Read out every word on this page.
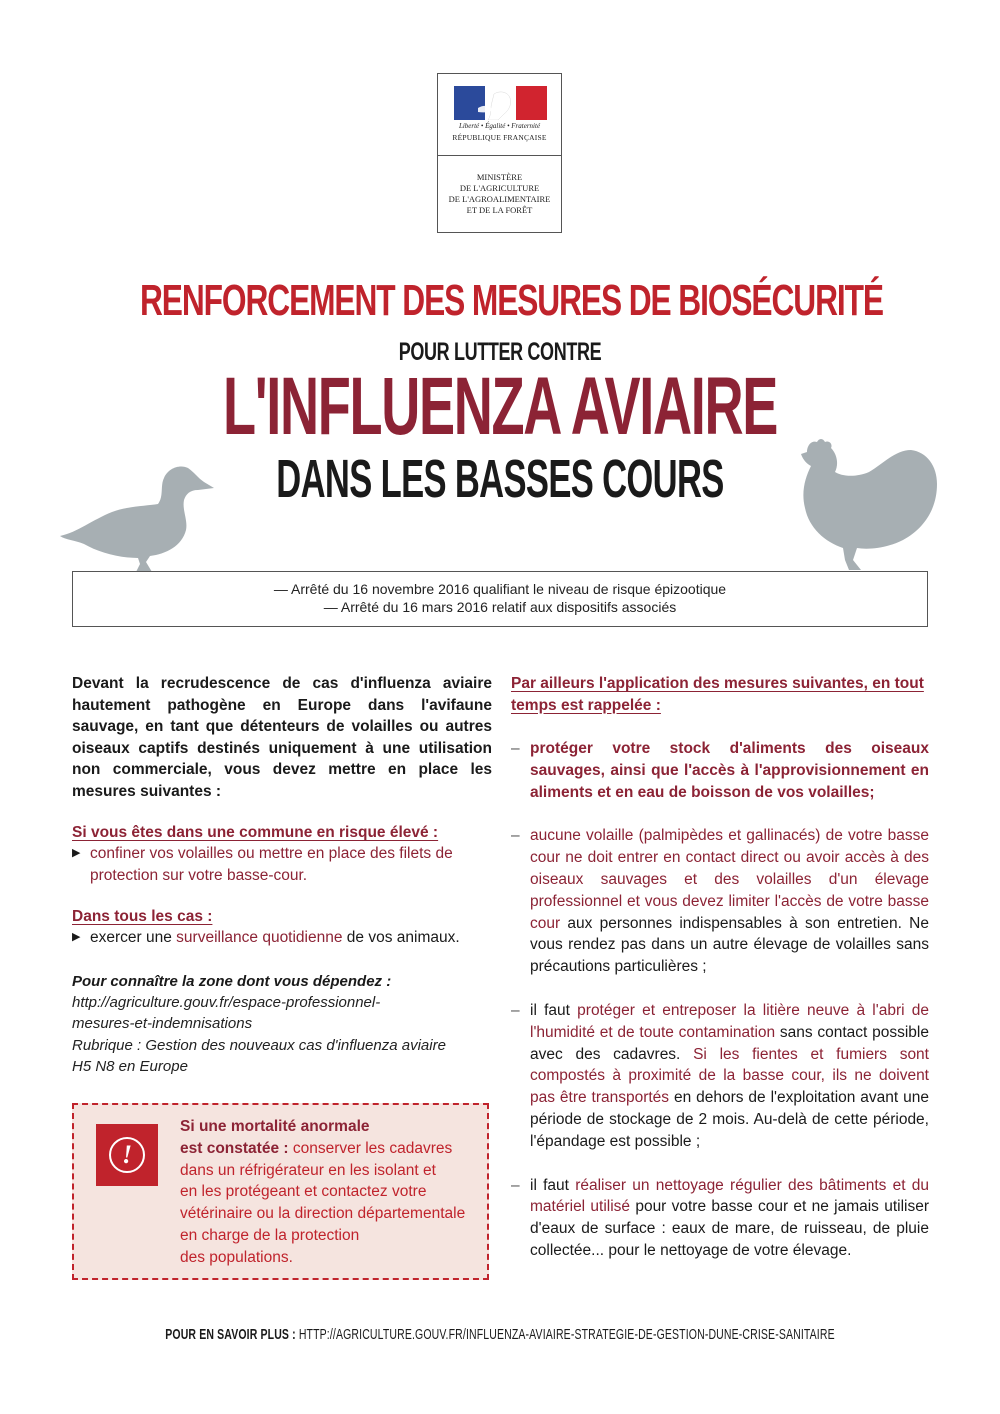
Liberté • Égalité • Fraternité
RÉPUBLIQUE FRANÇAISE
MINISTÈRE
DE L'AGRICULTURE
DE L'AGROALIMENTAIRE
ET DE LA FORÊT
RENFORCEMENT DES MESURES DE BIOSÉCURITÉ
POUR LUTTER CONTRE
L'INFLUENZA AVIAIRE
DANS LES BASSES COURS
— Arrêté du 16 novembre 2016 qualifiant le niveau de risque épizootique
— Arrêté du 16 mars 2016 relatif aux dispositifs associés
Devant la recrudescence de cas d'influenza aviaire hautement pathogène en Europe dans l'avifaune sauvage, en tant que détenteurs de volailles ou autres oiseaux captifs destinés uniquement à une utilisation non commerciale, vous devez mettre en place les mesures suivantes :
Si vous êtes dans une commune en risque élevé :
▶ confiner vos volailles ou mettre en place des filets de protection sur votre basse-cour.
Dans tous les cas :
▶ exercer une surveillance quotidienne de vos animaux.
Pour connaître la zone dont vous dépendez :
http://agriculture.gouv.fr/espace-professionnel-
mesures-et-indemnisations
Rubrique : Gestion des nouveaux cas d'influenza aviaire
H5 N8 en Europe
!
Si une mortalité anormale
est constatée : conserver les cadavres
dans un réfrigérateur en les isolant et
en les protégeant et contactez votre
vétérinaire ou la direction départementale
en charge de la protection
des populations.
Par ailleurs l'application des mesures suivantes, en tout temps est rappelée :
– protéger votre stock d'aliments des oiseaux sauvages, ainsi que l'accès à l'approvisionnement en aliments et en eau de boisson de vos volailles;
– aucune volaille (palmipèdes et gallinacés) de votre basse cour ne doit entrer en contact direct ou avoir accès à des oiseaux sauvages et des volailles d'un élevage professionnel et vous devez limiter l'accès de votre basse cour aux personnes indispensables à son entretien. Ne vous rendez pas dans un autre élevage de volailles sans précautions particulières ;
– il faut protéger et entreposer la litière neuve à l'abri de l'humidité et de toute contamination sans contact possible avec des cadavres. Si les fientes et fumiers sont compostés à proximité de la basse cour, ils ne doivent pas être transportés en dehors de l'exploitation avant une période de stockage de 2 mois. Au-delà de cette période, l'épandage est possible ;
– il faut réaliser un nettoyage régulier des bâtiments et du matériel utilisé pour votre basse cour et ne jamais utiliser d'eaux de surface : eaux de mare, de ruisseau, de pluie collectée... pour le nettoyage de votre élevage.
POUR EN SAVOIR PLUS : HTTP://AGRICULTURE.GOUV.FR/INFLUENZA-AVIAIRE-STRATEGIE-DE-GESTION-DUNE-CRISE-SANITAIRE
